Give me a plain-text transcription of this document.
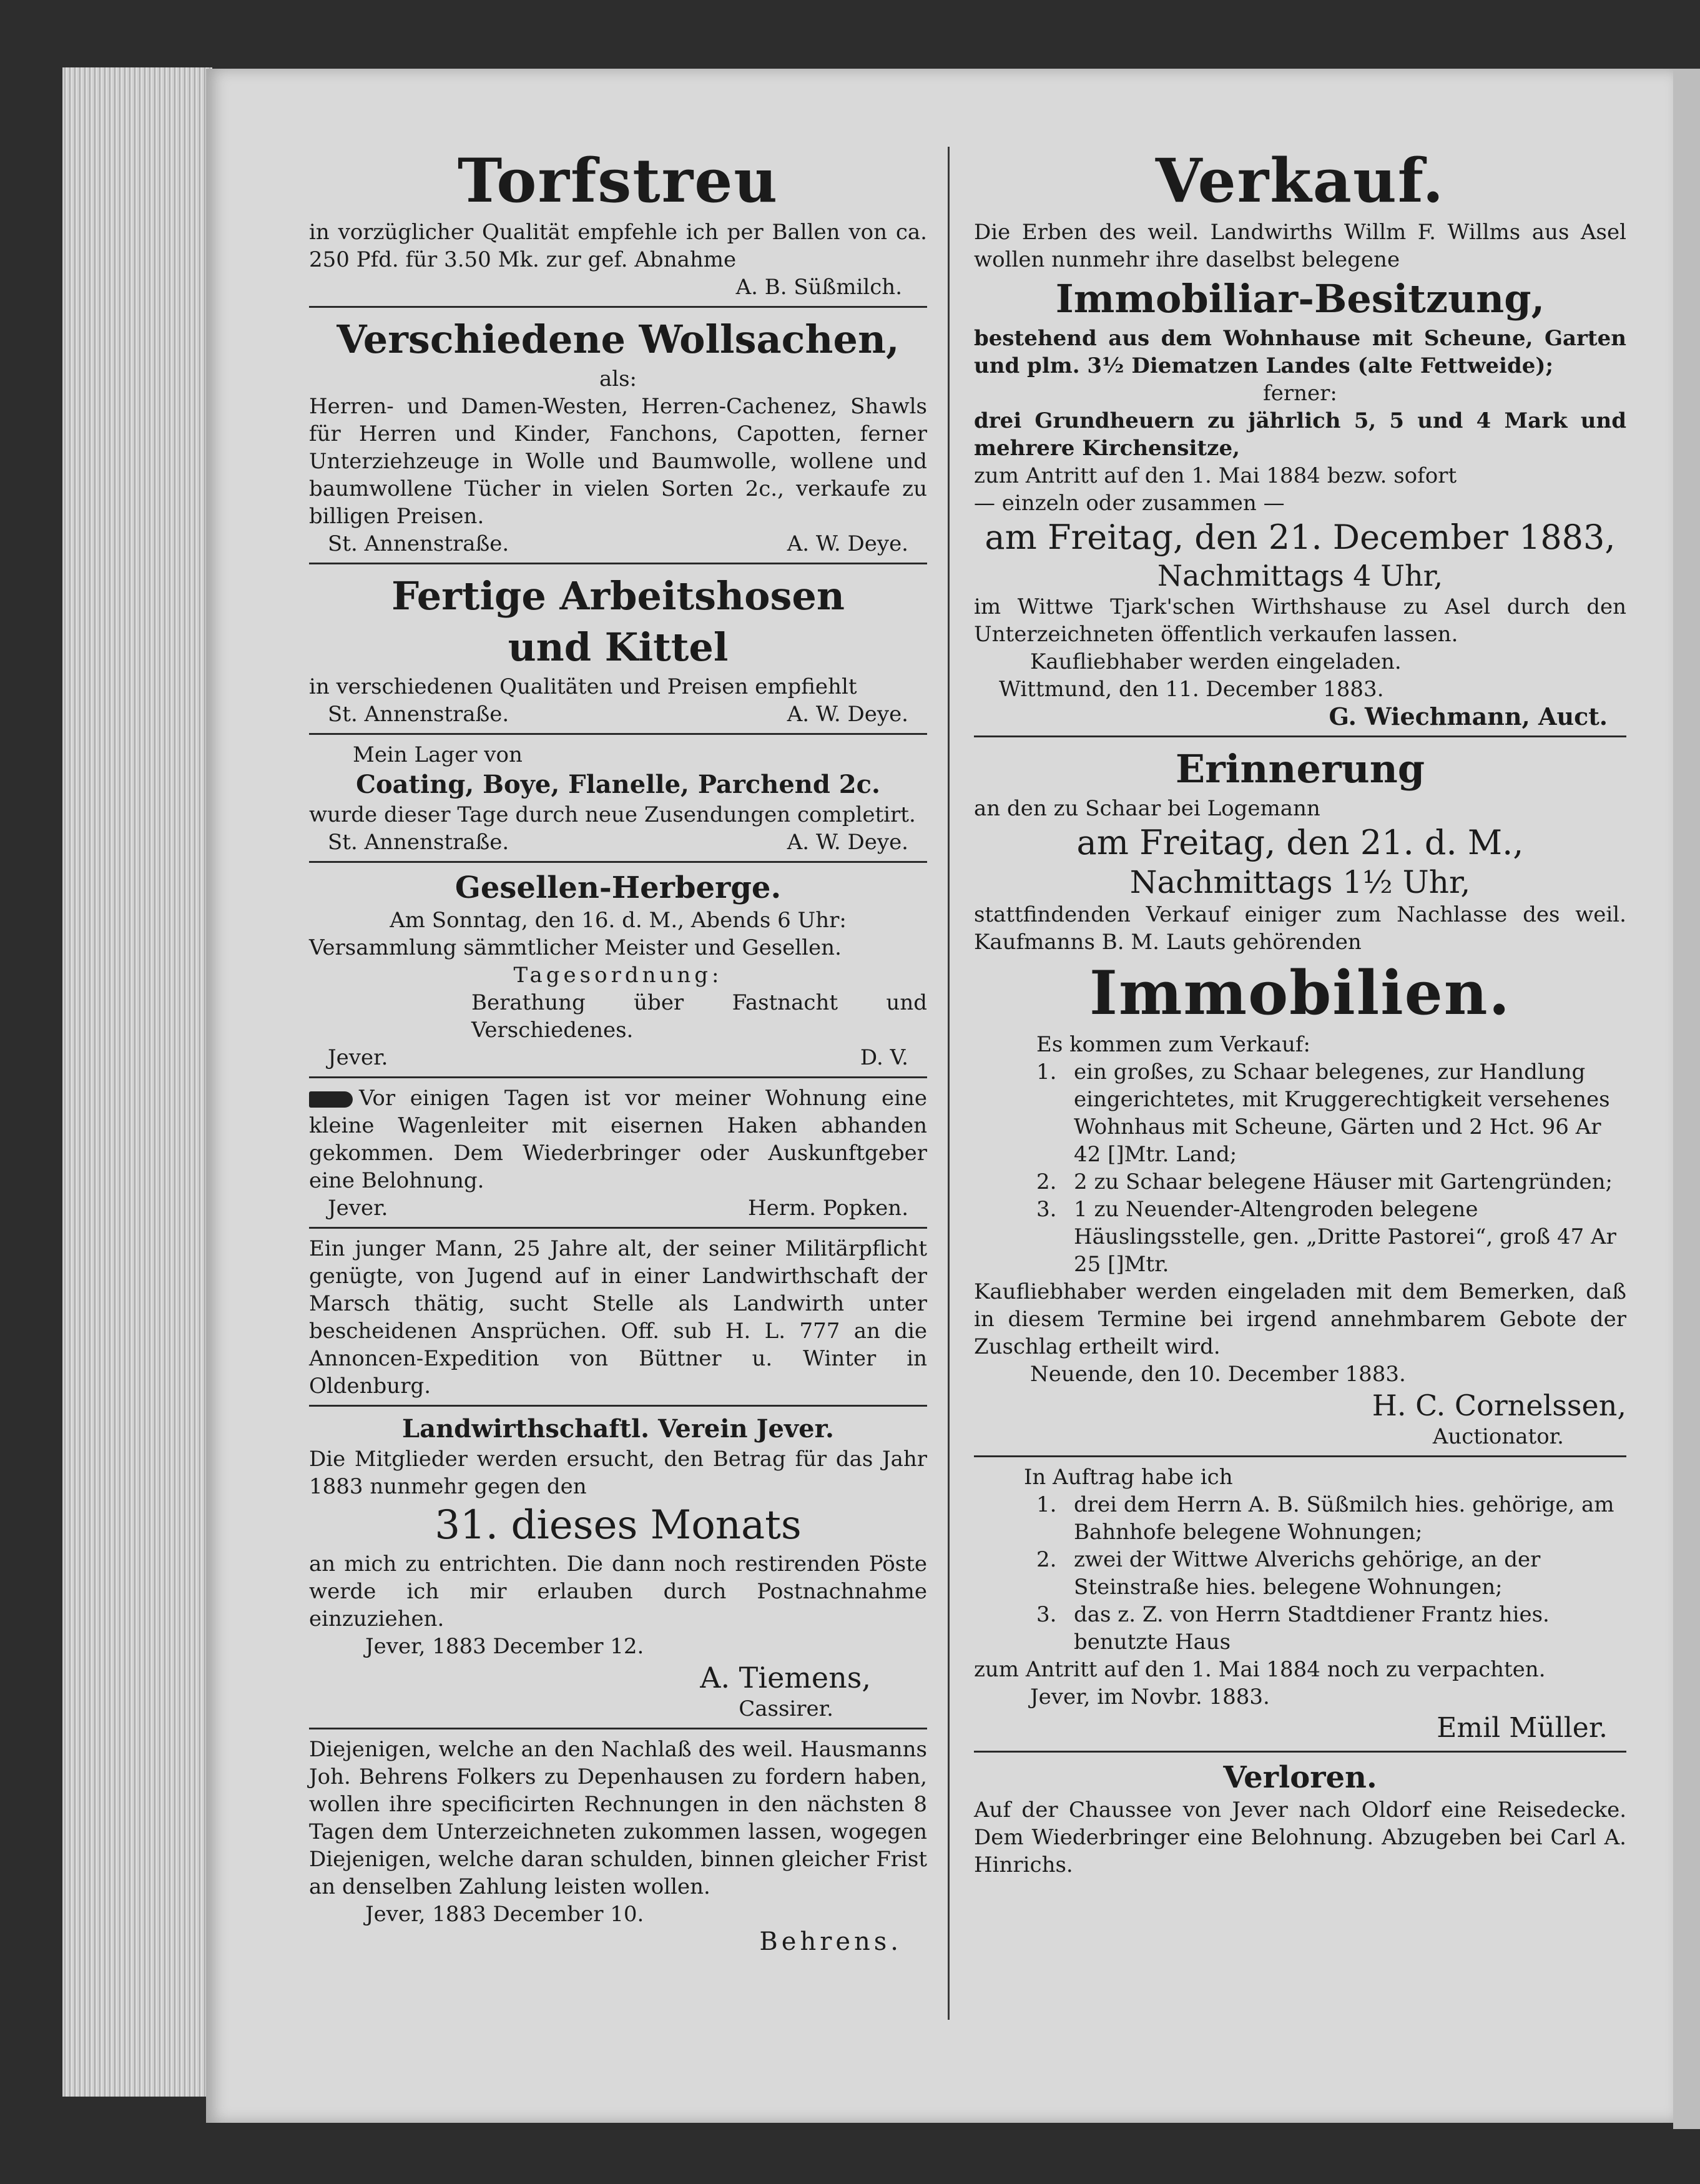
Torfstreu

in vorzüglicher Qualität empfehle ich per Ballen von ca. 250 Pfd. für 3.50 Mk. zur gef. Abnahme

A. B. Süßmilch.

Verschiedene Wollsachen,

als:

Herren- und Damen-Westen, Herren-Cachenez, Shawls für Herren und Kinder, Fanchons, Capotten, ferner Unterziehzeuge in Wolle und Baumwolle, wollene und baumwollene Tücher in vielen Sorten 2c., verkaufe zu billigen Preisen.

St. Annenstraße.	A. W. Deye.

Fertige Arbeitshosen

und Kittel

in verschiedenen Qualitäten und Preisen empfiehlt

St. Annenstraße.	A. W. Deye.

Mein Lager von

Coating, Boye, Flanelle, Parchend 2c.

wurde dieser Tage durch neue Zusendungen completirt.

St. Annenstraße.	A. W. Deye.

Gesellen-Herberge.

Am Sonntag, den 16. d. M., Abends 6 Uhr:

Versammlung sämmtlicher Meister und Gesellen.

Tagesordnung:

Berathung über Fastnacht und Verschiedenes.

Jever.	D. V.

Vor einigen Tagen ist vor meiner Wohnung eine kleine Wagenleiter mit eisernen Haken abhanden gekommen. Dem Wiederbringer oder Auskunftgeber eine Belohnung.

Jever.	Herm. Popken.

Ein junger Mann, 25 Jahre alt, der seiner Militärpflicht genügte, von Jugend auf in einer Landwirthschaft der Marsch thätig, sucht Stelle als Landwirth unter bescheidenen Ansprüchen. Off. sub H. L. 777 an die Annoncen-Expedition von Büttner u. Winter in Oldenburg.

Landwirthschaftl. Verein Jever.

Die Mitglieder werden ersucht, den Betrag für das Jahr 1883 nunmehr gegen den

31. dieses Monats

an mich zu entrichten. Die dann noch restirenden Pöste werde ich mir erlauben durch Postnachnahme einzuziehen.

Jever, 1883 December 12.

A. Tiemens,

Cassirer.

Diejenigen, welche an den Nachlaß des weil. Hausmanns Joh. Behrens Folkers zu Depenhausen zu fordern haben, wollen ihre specificirten Rechnungen in den nächsten 8 Tagen dem Unterzeichneten zukommen lassen, wogegen Diejenigen, welche daran schulden, binnen gleicher Frist an denselben Zahlung leisten wollen.

Jever, 1883 December 10.

Behrens.

Verkauf.

Die Erben des weil. Landwirths Willm F. Willms aus Asel wollen nunmehr ihre daselbst belegene

Immobiliar-Besitzung,

bestehend aus dem Wohnhause mit Scheune, Garten und plm. 3½ Diematzen Landes (alte Fettweide);

ferner:

drei Grundheuern zu jährlich 5, 5 und 4 Mark und mehrere Kirchensitze,

zum Antritt auf den 1. Mai 1884 bezw. sofort

— einzeln oder zusammen —

am Freitag, den 21. December 1883,

Nachmittags 4 Uhr,

im Wittwe Tjark'schen Wirthshause zu Asel durch den Unterzeichneten öffentlich verkaufen lassen.

Kaufliebhaber werden eingeladen.

Wittmund, den 11. December 1883.

G. Wiechmann, Auct.

Erinnerung

an den zu Schaar bei Logemann

am Freitag, den 21. d. M.,

Nachmittags 1½ Uhr,

stattfindenden Verkauf einiger zum Nachlasse des weil. Kaufmanns B. M. Lauts gehörenden

Immobilien.

Es kommen zum Verkauf:

1. ein großes, zu Schaar belegenes, zur Handlung eingerichtetes, mit Kruggerechtigkeit versehenes Wohnhaus mit Scheune, Gärten und 2 Hct. 96 Ar 42 []Mtr. Land;
2. 2 zu Schaar belegene Häuser mit Gartengründen;
3. 1 zu Neuender-Altengroden belegene Häuslingsstelle, gen. „Dritte Pastorei“, groß 47 Ar 25 []Mtr.

Kaufliebhaber werden eingeladen mit dem Bemerken, daß in diesem Termine bei irgend annehmbarem Gebote der Zuschlag ertheilt wird.

Neuende, den 10. December 1883.

H. C. Cornelssen,

Auctionator.

In Auftrag habe ich

1. drei dem Herrn A. B. Süßmilch hies. gehörige, am Bahnhofe belegene Wohnungen;
2. zwei der Wittwe Alverichs gehörige, an der Steinstraße hies. belegene Wohnungen;
3. das z. Z. von Herrn Stadtdiener Frantz hies. benutzte Haus

zum Antritt auf den 1. Mai 1884 noch zu verpachten.

Jever, im Novbr. 1883.

Emil Müller.

Verloren.

Auf der Chaussee von Jever nach Oldorf eine Reisedecke. Dem Wiederbringer eine Belohnung. Abzugeben bei Carl A. Hinrichs.
